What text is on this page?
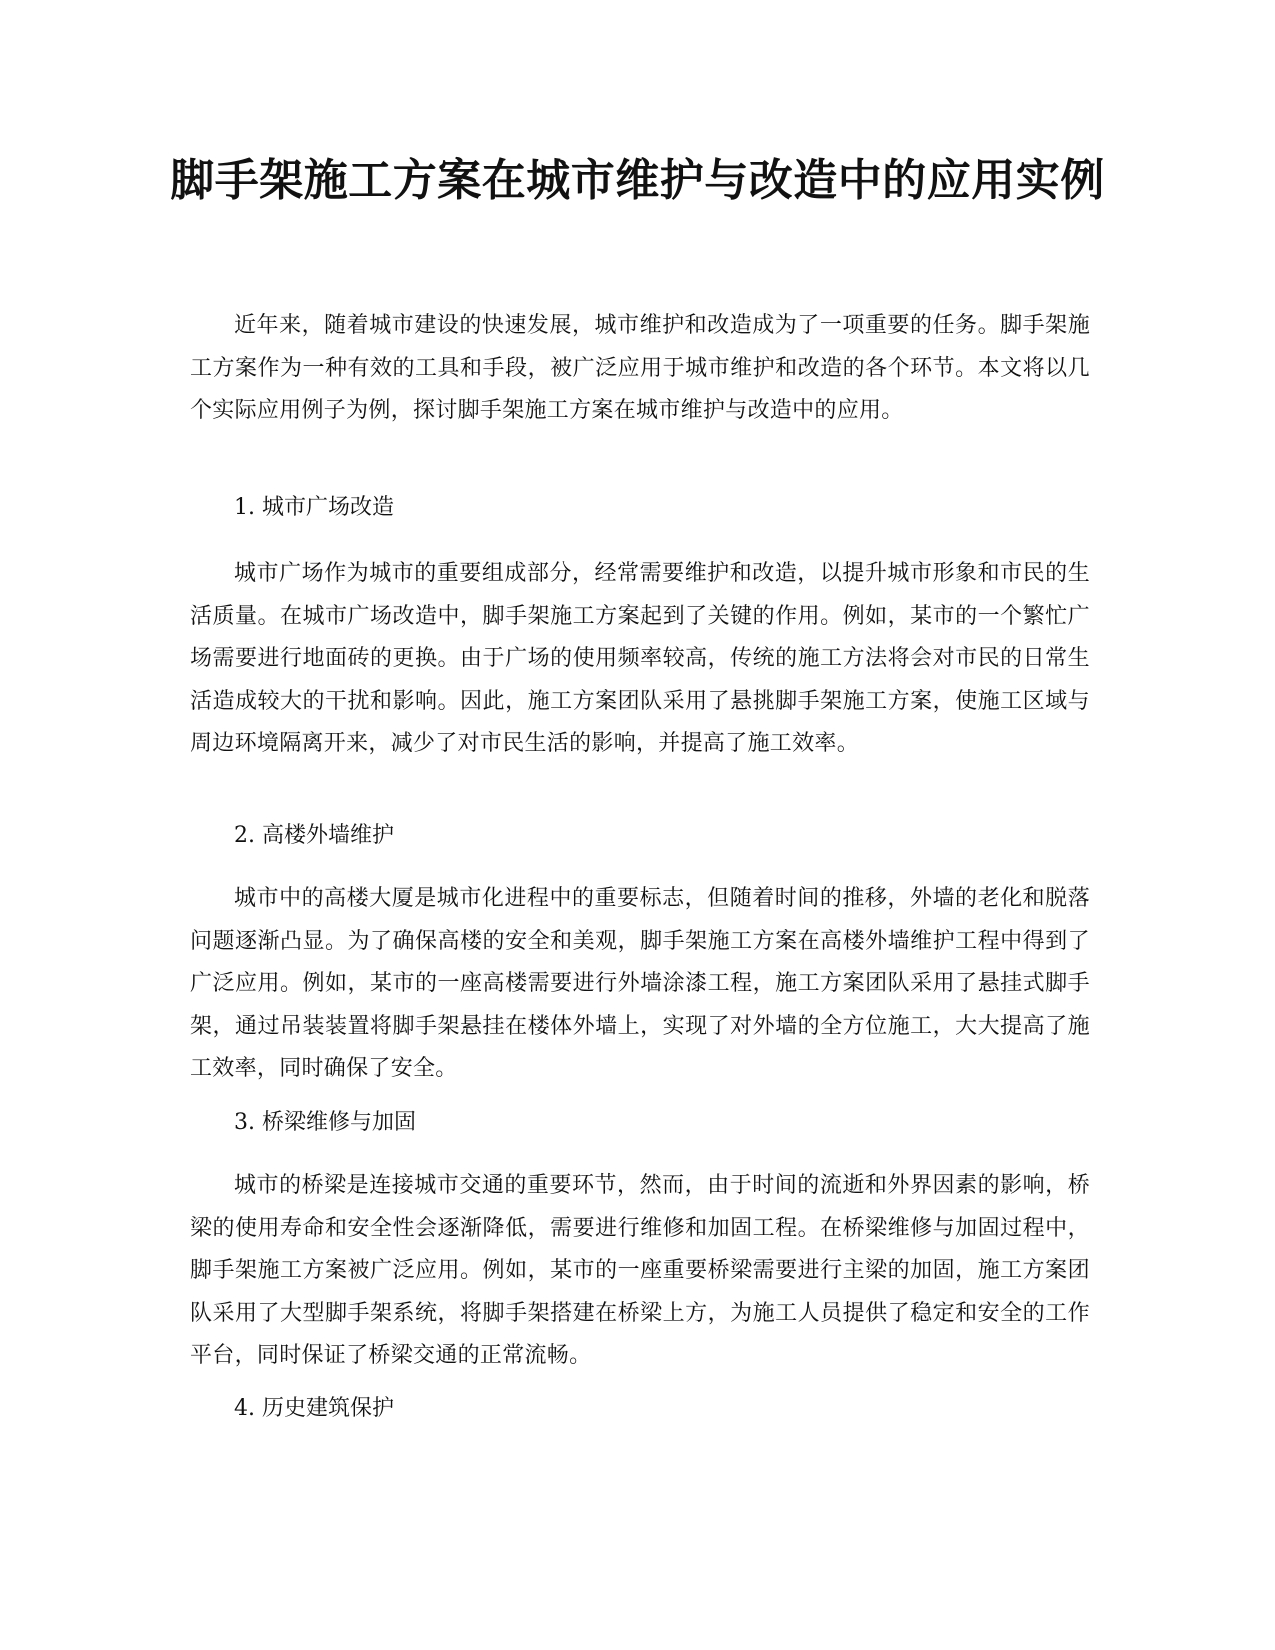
脚手架施工方案在城市维护与改造中的应用实例

近年来，随着城市建设的快速发展，城市维护和改造成为了一项重要的任务。脚手架施工方案作为一种有效的工具和手段，被广泛应用于城市维护和改造的各个环节。本文将以几个实际应用例子为例，探讨脚手架施工方案在城市维护与改造中的应用。

1. 城市广场改造

城市广场作为城市的重要组成部分，经常需要维护和改造，以提升城市形象和市民的生活质量。在城市广场改造中，脚手架施工方案起到了关键的作用。例如，某市的一个繁忙广场需要进行地面砖的更换。由于广场的使用频率较高，传统的施工方法将会对市民的日常生活造成较大的干扰和影响。因此，施工方案团队采用了悬挑脚手架施工方案，使施工区域与周边环境隔离开来，减少了对市民生活的影响，并提高了施工效率。

2. 高楼外墙维护

城市中的高楼大厦是城市化进程中的重要标志，但随着时间的推移，外墙的老化和脱落问题逐渐凸显。为了确保高楼的安全和美观，脚手架施工方案在高楼外墙维护工程中得到了广泛应用。例如，某市的一座高楼需要进行外墙涂漆工程，施工方案团队采用了悬挂式脚手架，通过吊装装置将脚手架悬挂在楼体外墙上，实现了对外墙的全方位施工，大大提高了施工效率，同时确保了安全。

3. 桥梁维修与加固

城市的桥梁是连接城市交通的重要环节，然而，由于时间的流逝和外界因素的影响，桥梁的使用寿命和安全性会逐渐降低，需要进行维修和加固工程。在桥梁维修与加固过程中，脚手架施工方案被广泛应用。例如，某市的一座重要桥梁需要进行主梁的加固，施工方案团队采用了大型脚手架系统，将脚手架搭建在桥梁上方，为施工人员提供了稳定和安全的工作平台，同时保证了桥梁交通的正常流畅。

4. 历史建筑保护
